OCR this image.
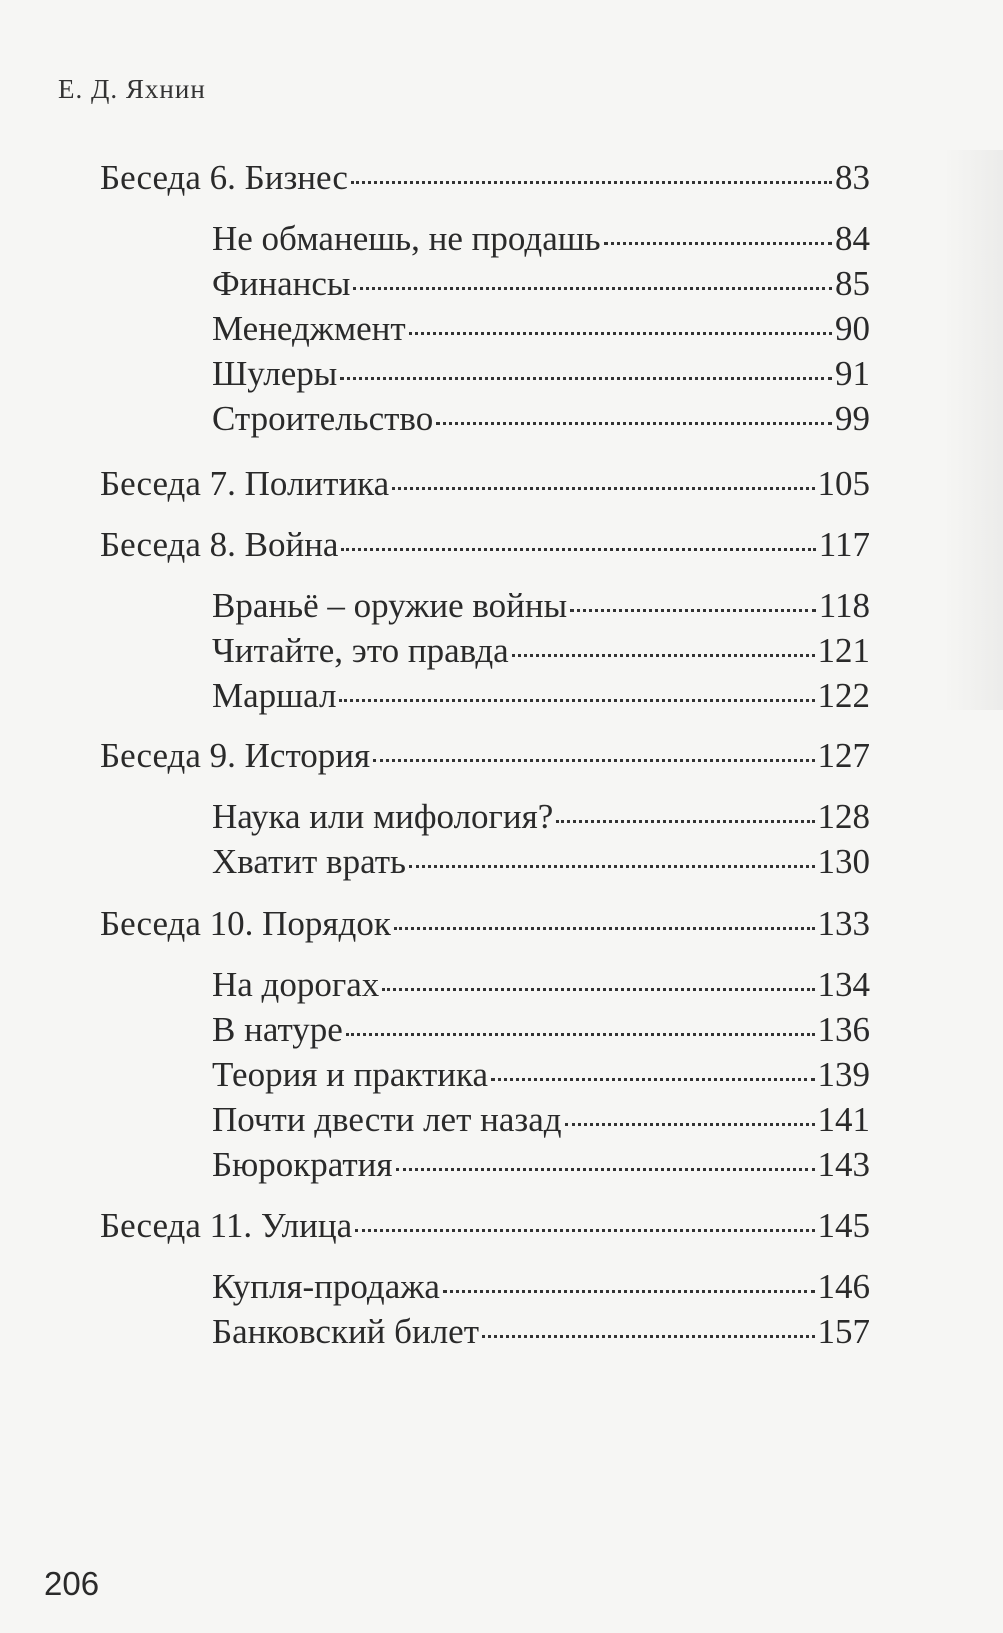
Е. Д. Яхнин
Беседа 6. Бизнес	83
Не обманешь, не продашь	84
Финансы	85
Менеджмент	90
Шулеры	91
Строительство	99
Беседа 7. Политика	105
Беседа 8. Война	117
Враньё – оружие войны	118
Читайте, это правда	121
Маршал	122
Беседа 9. История	127
Наука или мифология?	128
Хватит врать	130
Беседа 10. Порядок	133
На дорогах	134
В натуре	136
Теория и практика	139
Почти двести лет назад	141
Бюрократия	143
Беседа 11. Улица	145
Купля-продажа	146
Банковский билет	157
206
